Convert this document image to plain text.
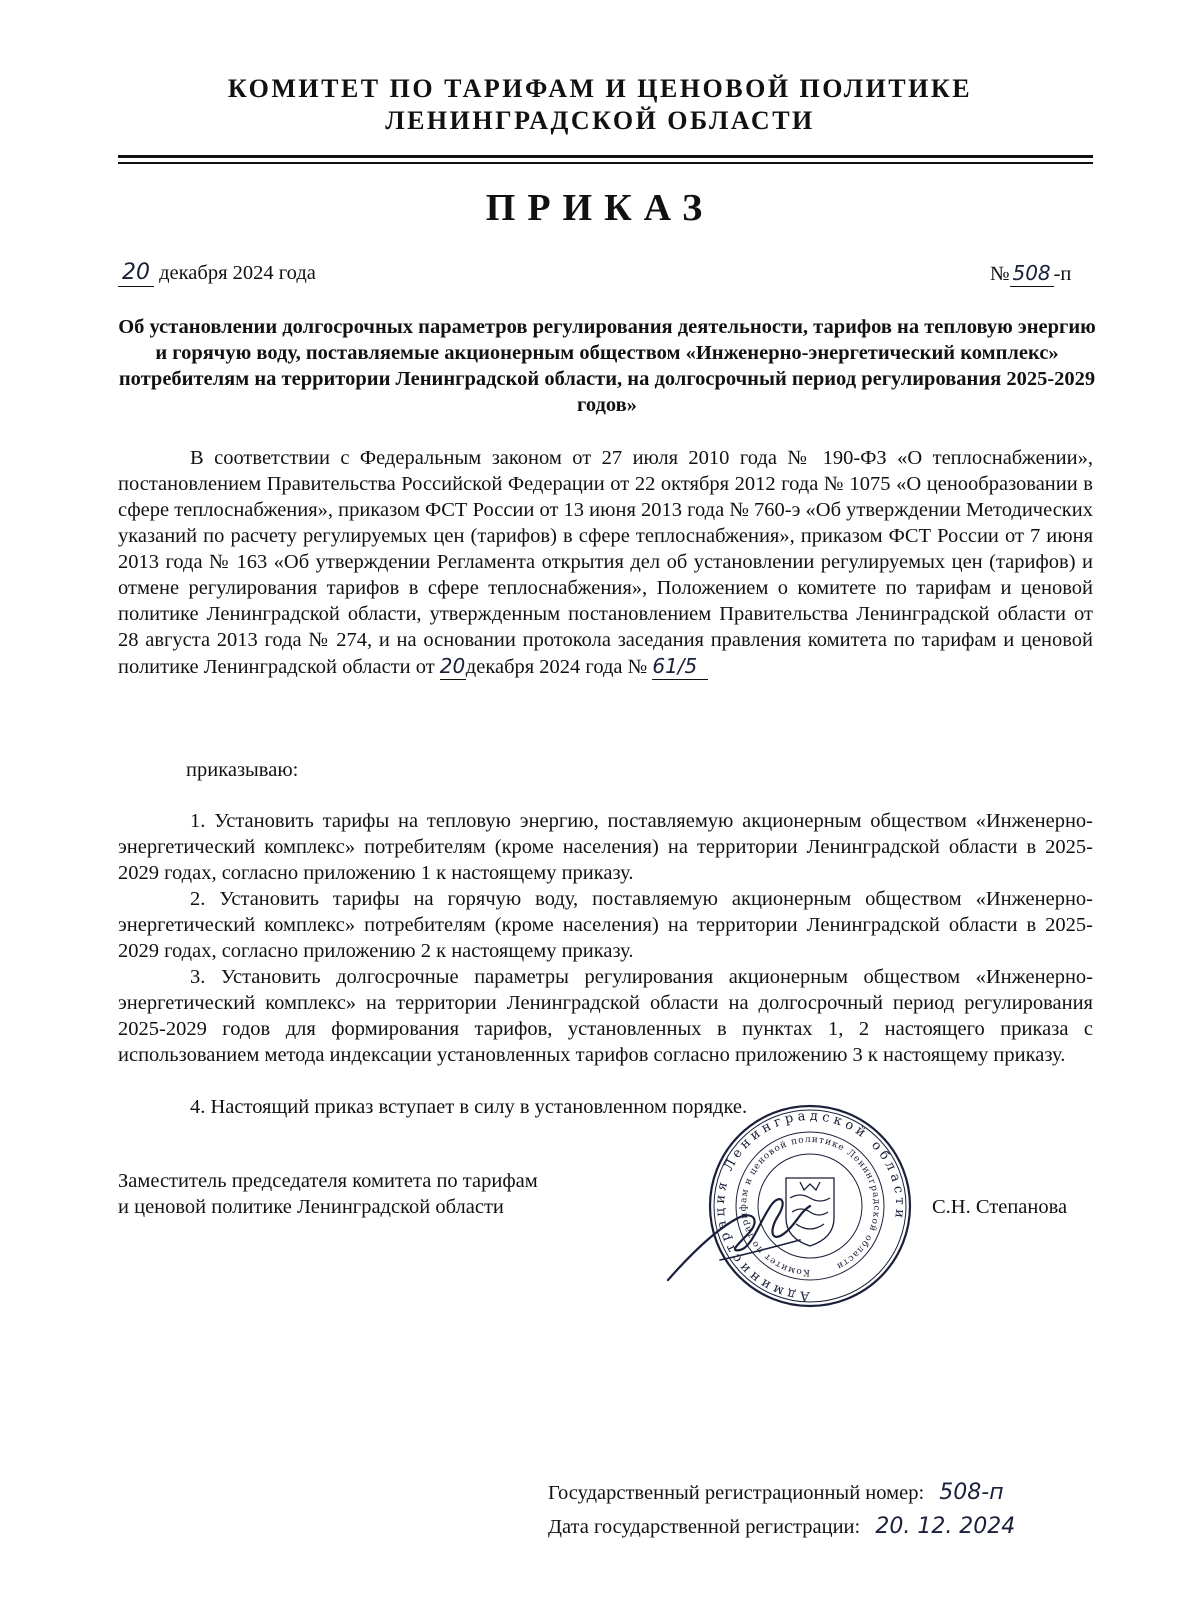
КОМИТЕТ ПО ТАРИФАМ И ЦЕНОВОЙ ПОЛИТИКЕ
ЛЕНИНГРАДСКОЙ ОБЛАСТИ
ПРИКАЗ
20 декабря 2024 года	№ 508 -п
Об установлении долгосрочных параметров регулирования деятельности, тарифов на тепловую энергию и горячую воду, поставляемые акционерным обществом «Инженерно-энергетический комплекс» потребителям на территории Ленинградской области, на долгосрочный период регулирования 2025-2029 годов»
В соответствии с Федеральным законом от 27 июля 2010 года № 190-ФЗ «О теплоснабжении», постановлением Правительства Российской Федерации от 22 октября 2012 года № 1075 «О ценообразовании в сфере теплоснабжения», приказом ФСТ России от 13 июня 2013 года № 760-э «Об утверждении Методических указаний по расчету регулируемых цен (тарифов) в сфере теплоснабжения», приказом ФСТ России от 7 июня 2013 года № 163 «Об утверждении Регламента открытия дел об установлении регулируемых цен (тарифов) и отмене регулирования тарифов в сфере теплоснабжения», Положением о комитете по тарифам и ценовой политике Ленинградской области, утвержденным постановлением Правительства Ленинградской области от 28 августа 2013 года № 274, и на основании протокола заседания правления комитета по тарифам и ценовой политике Ленинградской области от 20декабря 2024 года № 61/5
приказываю:
1. Установить тарифы на тепловую энергию, поставляемую акционерным обществом «Инженерно-энергетический комплекс» потребителям (кроме населения) на территории Ленинградской области в 2025-2029 годах, согласно приложению 1 к настоящему приказу.
2. Установить тарифы на горячую воду, поставляемую акционерным обществом «Инженерно-энергетический комплекс» потребителям (кроме населения) на территории Ленинградской области в 2025-2029 годах, согласно приложению 2 к настоящему приказу.
3. Установить долгосрочные параметры регулирования акционерным обществом «Инженерно-энергетический комплекс» на территории Ленинградской области на долгосрочный период регулирования 2025-2029 годов для формирования тарифов, установленных в пунктах 1, 2 настоящего приказа с использованием метода индексации установленных тарифов согласно приложению 3 к настоящему приказу.
4. Настоящий приказ вступает в силу в установленном порядке.
Заместитель председателя комитета по тарифам
и ценовой политике Ленинградской области	С.Н. Степанова
Администрация Ленинградской области
Комитет по тарифам и ценовой политике Ленинградской области
Государственный регистрационный номер: 508-п
Дата государственной регистрации: 20. 12. 2024
